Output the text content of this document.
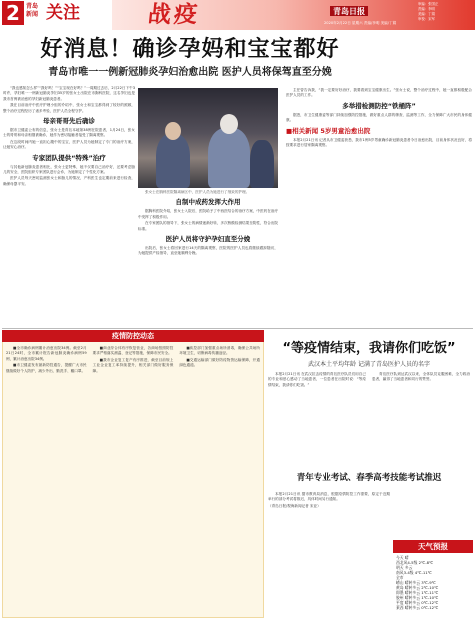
2	青岛
新闻 关注	战疫	青岛日报
2020年2月22日 星期六 责编/李明 美编/丁娟
审编：张国正
责编：李明
美编：丁娟
审校：宋军
好消息！确诊孕妈和宝宝都好
青岛市唯一一例新冠肺炎孕妇治愈出院 医护人员将保驾直至分娩

“我也感知怎么样”“我好吗！”“宝宝现在好吗？”一周期过去后，2月22日下午3时许，孕妇唯一一例新冠肺炎孕妇35岁的张女士出院在市胸科医院，这名孕妇也是我市首例被治愈的孕妇新冠肺炎患者。

我在目前治疗中医疗护理小组的介绍中，张女士和宝宝都得到了较好的照顾，整个治疗过程经历了诸多考验，医护人员全程守护。

母亲哥哥先后确诊

据市卫健委公布的信息，张女士是青岛本地第38例在院患者，1月24日，张女士的哥哥和母亲相继被确诊，她作为密切接触者接受了隔离观察。

在这段时间内她一直担心腹中的宝宝，医护人员为她制定了专门的治疗方案，让她安心治疗。

专家团队提供“特殊”治疗

与其他新冠肺炎患者相比，张女士更特殊，她不仅要自己治疗好，还要考虑胎儿的安全，医院组织专家团队进行会诊，为她制定了个性化方案。

医护人员每天密切监测张女士和胎儿的情况，产科医生也定期前来进行检查，确保母婴平安。

张女士在胸科医院隔离病区中，医护人员为她进行了细致的护理。

自制中成药发挥大作用

据胸科医院介绍，张女士入院后，医院给予了中西医结合的治疗方案，中医药在治疗中发挥了积极作用。

在专家团队的指导下，张女士的病情逐渐好转，多次核酸检测结果呈阴性，符合出院标准。

医护人员将守护孕妇直至分娩

出院后，张女士将回家进行14天的隔离观察，医院的医护人员也将继续跟踪随访，为她提供产检指导，直至她顺利分娩。

主任曾告诉我，“我一定要好好治疗，我要看到宝宝健康出生。”张女士说，整个治疗过程中，她一直都积极配合医护人员的工作。

多举措检测防控“铁桶阵”

据悉，市卫生健康委等部门持续加强防控措施，做好重点人群的筛查、监测等工作，全力保障广大市民的身体健康。

■相关新闻 5岁男童治愈出院

本报2月21日讯 记者从市卫健委获悉，我市1例5岁男童确诊新冠肺炎患者今日治愈出院，目前身体状况良好，将按要求进行居家隔离观察。

疫情防控动态

■全市确诊病例累计治愈出院34例。截至2月21日24时，全市累计报告新冠肺炎确诊病例59例，累计治愈出院34例。

■市卫健委发布最新防控通告，提醒广大市民继续做好个人防护，减少外出、勤洗手、戴口罩。

■商业综合体有序恢复营业，各商场按照防控要求严格落实测温、登记等措施，保障市民安全。

■我市企业复工复产有序推进，截至目前规上工业企业复工率持续提升，相关部门做好服务保障。

■疾控部门加强重点场所消毒，确保公共场所环境卫生，切断病毒传播途径。

■交通运输部门做好防疫物资运输保障，开通绿色通道。

“等疫情结束，我请你们吃饭”
武汉本土平均年龄 记满了青岛医护人员的名字

本报2月21日讯 在武汉抗击疫情的青岛医疗队员们用自己的专业和爱心感动了当地患者，一位患者在出院时说：“等疫情结束，我请你们吃饭。”

青岛医疗队到达武汉以来，全体队员克服困难，全力救治患者，赢得了当地患者和同行的赞誉。

青年专业考试、春季高考技能考试推迟

本报2月21日讯 据市教育局消息，根据疫情防控工作需要，原定于近期举行的部分考试将推迟，具体时间另行通知。

（青岛日报/观海新闻记者 宋亚）

天气预报
今天 晴
西北风4-5级 2℃-8℃
明天 多云
南风3-4级 4℃-11℃
全市
崂山 晴转多云 3℃-9℃
黄岛 晴转多云 2℃-10℃
即墨 晴转多云 1℃-11℃
胶州 晴转多云 1℃-10℃
平度 晴转多云 0℃-12℃
莱西 晴转多云 0℃-12℃
